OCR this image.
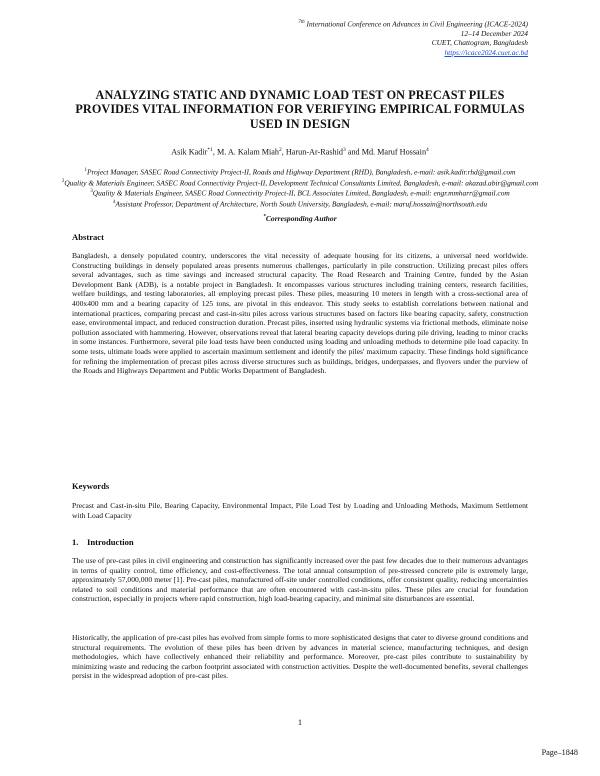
$^{7th}$ International Conference on Advances in Civil Engineering (ICACE-2024)
12–14 December 2024
CUET, Chattogram, Bangladesh
https://icace2024.cuet.ac.bd
ANALYZING STATIC AND DYNAMIC LOAD TEST ON PRECAST PILES PROVIDES VITAL INFORMATION FOR VERIFYING EMPIRICAL FORMULAS USED IN DESIGN
Asik Kadir$^{*1}$, M. A. Kalam Miah$^2$, Harun-Ar-Rashid$^3$ and Md. Maruf Hossain$^4$
$^1$Project Manager, SASEC Road Connectivity Project-II, Roads and Highway Department (RHD), Bangladesh, e-mail: asik.kadir.rhd@gmail.com
$^2$Quality & Materials Engineer, SASEC Road Connectivity Project-II, Development Technical Consultants Limited, Bangladesh, e-mail: akazad.abir@gmail.com
$^3$Quality & Materials Engineer, SASEC Road Connectivity Project-II, BCL Associates Limited, Bangladesh, e-mail: engr.mmharr@gmail.com
$^4$Assistant Professor, Department of Architecture, North South University, Bangladesh, e-mail: maruf.hossain@northsouth.edu
*Corresponding Author
Abstract

Bangladesh, a densely populated country, underscores the vital necessity of adequate housing for its citizens, a universal need worldwide. Constructing buildings in densely populated areas presents numerous challenges, particularly in pile construction. Utilizing precast piles offers several advantages, such as time savings and increased structural capacity. The Road Research and Training Centre, funded by the Asian Development Bank (ADB), is a notable project in Bangladesh. It encompasses various structures including training centers, research facilities, welfare buildings, and testing laboratories, all employing precast piles. These piles, measuring 10 meters in length with a cross-sectional area of 400x400 mm and a bearing capacity of 125 tons, are pivotal in this endeavor. This study seeks to establish correlations between national and international practices, comparing precast and cast-in-situ piles across various structures based on factors like bearing capacity, safety, construction ease, environmental impact, and reduced construction duration. Precast piles, inserted using hydraulic systems via frictional methods, eliminate noise pollution associated with hammering. However, observations reveal that lateral bearing capacity develops during pile driving, leading to minor cracks in some instances. Furthermore, several pile load tests have been conducted using loading and unloading methods to determine pile load capacity. In some tests, ultimate loads were applied to ascertain maximum settlement and identify the piles' maximum capacity. These findings hold significance for refining the implementation of precast piles across diverse structures such as buildings, bridges, underpasses, and flyovers under the purview of the Roads and Highways Department and Public Works Department of Bangladesh.

Keywords

Precast and Cast-in-situ Pile, Bearing Capacity, Environmental Impact, Pile Load Test by Loading and Unloading Methods, Maximum Settlement with Load Capacity

1.    Introduction

The use of pre-cast piles in civil engineering and construction has significantly increased over the past few decades due to their numerous advantages in terms of quality control, time efficiency, and cost-effectiveness. The total annual consumption of pre-stressed concrete pile is extremely large, approximately 57,000,000 meter [1]. Pre-cast piles, manufactured off-site under controlled conditions, offer consistent quality, reducing uncertainties related to soil conditions and material performance that are often encountered with cast-in-situ piles. These piles are crucial for foundation construction, especially in projects where rapid construction, high load-bearing capacity, and minimal site disturbances are essential.

Historically, the application of pre-cast piles has evolved from simple forms to more sophisticated designs that cater to diverse ground conditions and structural requirements. The evolution of these piles has been driven by advances in material science, manufacturing techniques, and design methodologies, which have collectively enhanced their reliability and performance. Moreover, pre-cast piles contribute to sustainability by minimizing waste and reducing the carbon footprint associated with construction activities. Despite the well-documented benefits, several challenges persist in the widespread adoption of pre-cast piles.

1
Page–1848
